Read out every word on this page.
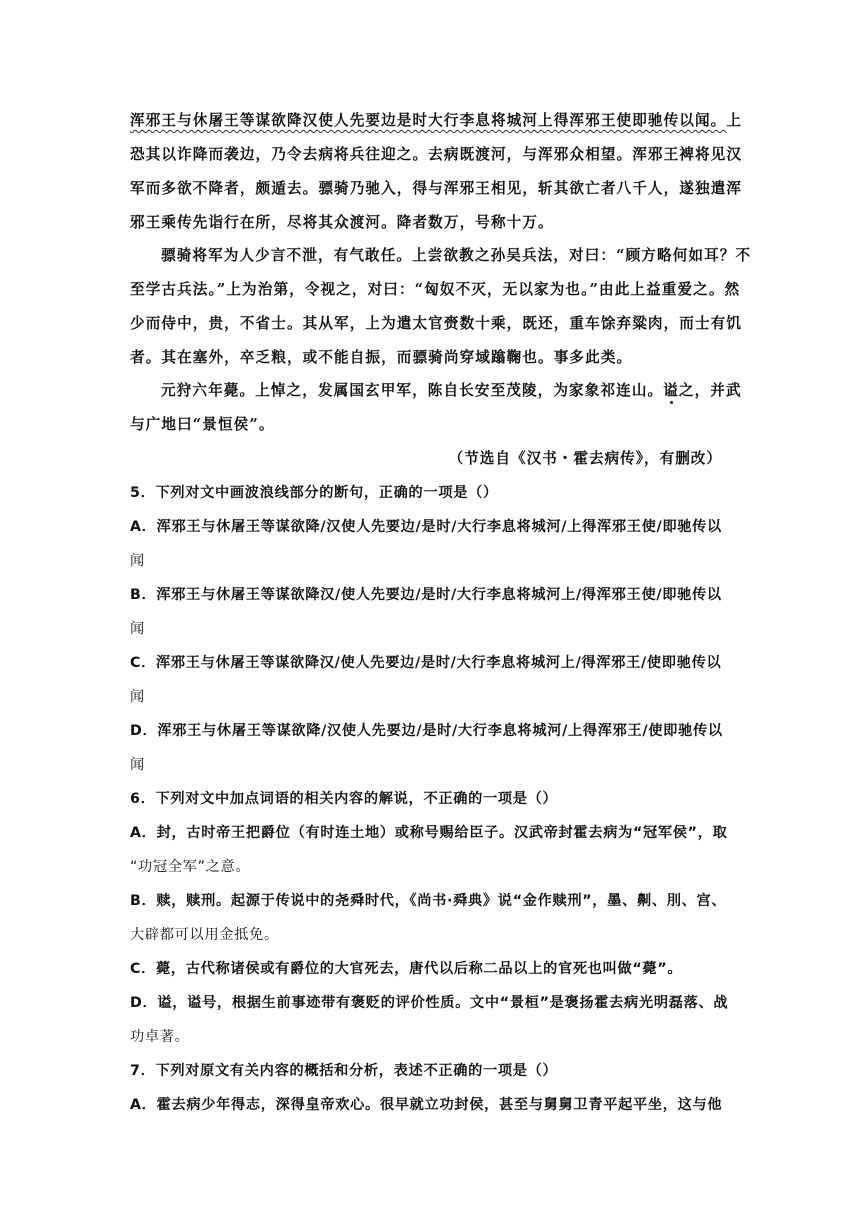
浑邪王与休屠王等谋欲降汉使人先要边是时大行李息将城河上得浑邪王使即驰传以闻。上
恐其以诈降而袭边，乃令去病将兵往迎之。去病既渡河，与浑邪众相望。浑邪王裨将见汉
军而多欲不降者，颇遁去。骠骑乃驰入，得与浑邪王相见，斩其欲亡者八千人，遂独遣浑
邪王乘传先诣行在所，尽将其众渡河。降者数万，号称十万。
骠骑将军为人少言不泄，有气敢任。上尝欲教之孙吴兵法，对曰：“顾方略何如耳？不
至学古兵法。”上为治第，令视之，对曰：“匈奴不灭，无以家为也。”由此上益重爱之。然
少而侍中，贵，不省士。其从军，上为遣太官赍数十乘，既还，重车馀弃粱肉，而士有饥
者。其在塞外，卒乏粮，或不能自振，而骠骑尚穿域蹹鞠也。事多此类。
元狩六年薨。上悼之，发属国玄甲军，陈自长安至茂陵，为家象祁连山。谥之，并武
与广地曰“景恒侯”。
（节选自《汉书・霍去病传》，有删改）
5．下列对文中画波浪线部分的断句，正确的一项是（）
A．浑邪王与休屠王等谋欲降/汉使人先要边/是时/大行李息将城河/上得浑邪王使/即驰传以
闻
B．浑邪王与休屠王等谋欲降汉/使人先要边/是时/大行李息将城河上/得浑邪王使/即驰传以
闻
C．浑邪王与休屠王等谋欲降汉/使人先要边/是时/大行李息将城河上/得浑邪王/使即驰传以
闻
D．浑邪王与休屠王等谋欲降/汉使人先要边/是时/大行李息将城河/上得浑邪王/使即驰传以
闻
6．下列对文中加点词语的相关内容的解说，不正确的一项是（）
A．封，古时帝王把爵位（有时连土地）或称号赐给臣子。汉武帝封霍去病为“冠军侯”，取
“功冠全军”之意。
B．赎，赎刑。起源于传说中的尧舜时代，《尚书·舜典》说“金作赎刑”，墨、劓、刖、宫、
大辟都可以用金抵免。
C．薨，古代称诸侯或有爵位的大官死去，唐代以后称二品以上的官死也叫做“薨”。
D．谥，谥号，根据生前事迹带有褒贬的评价性质。文中“景桓”是褒扬霍去病光明磊落、战
功卓著。
7．下列对原文有关内容的概括和分析，表述不正确的一项是（）
A．霍去病少年得志，深得皇帝欢心。很早就立功封侯，甚至与舅舅卫青平起平坐，这与他
